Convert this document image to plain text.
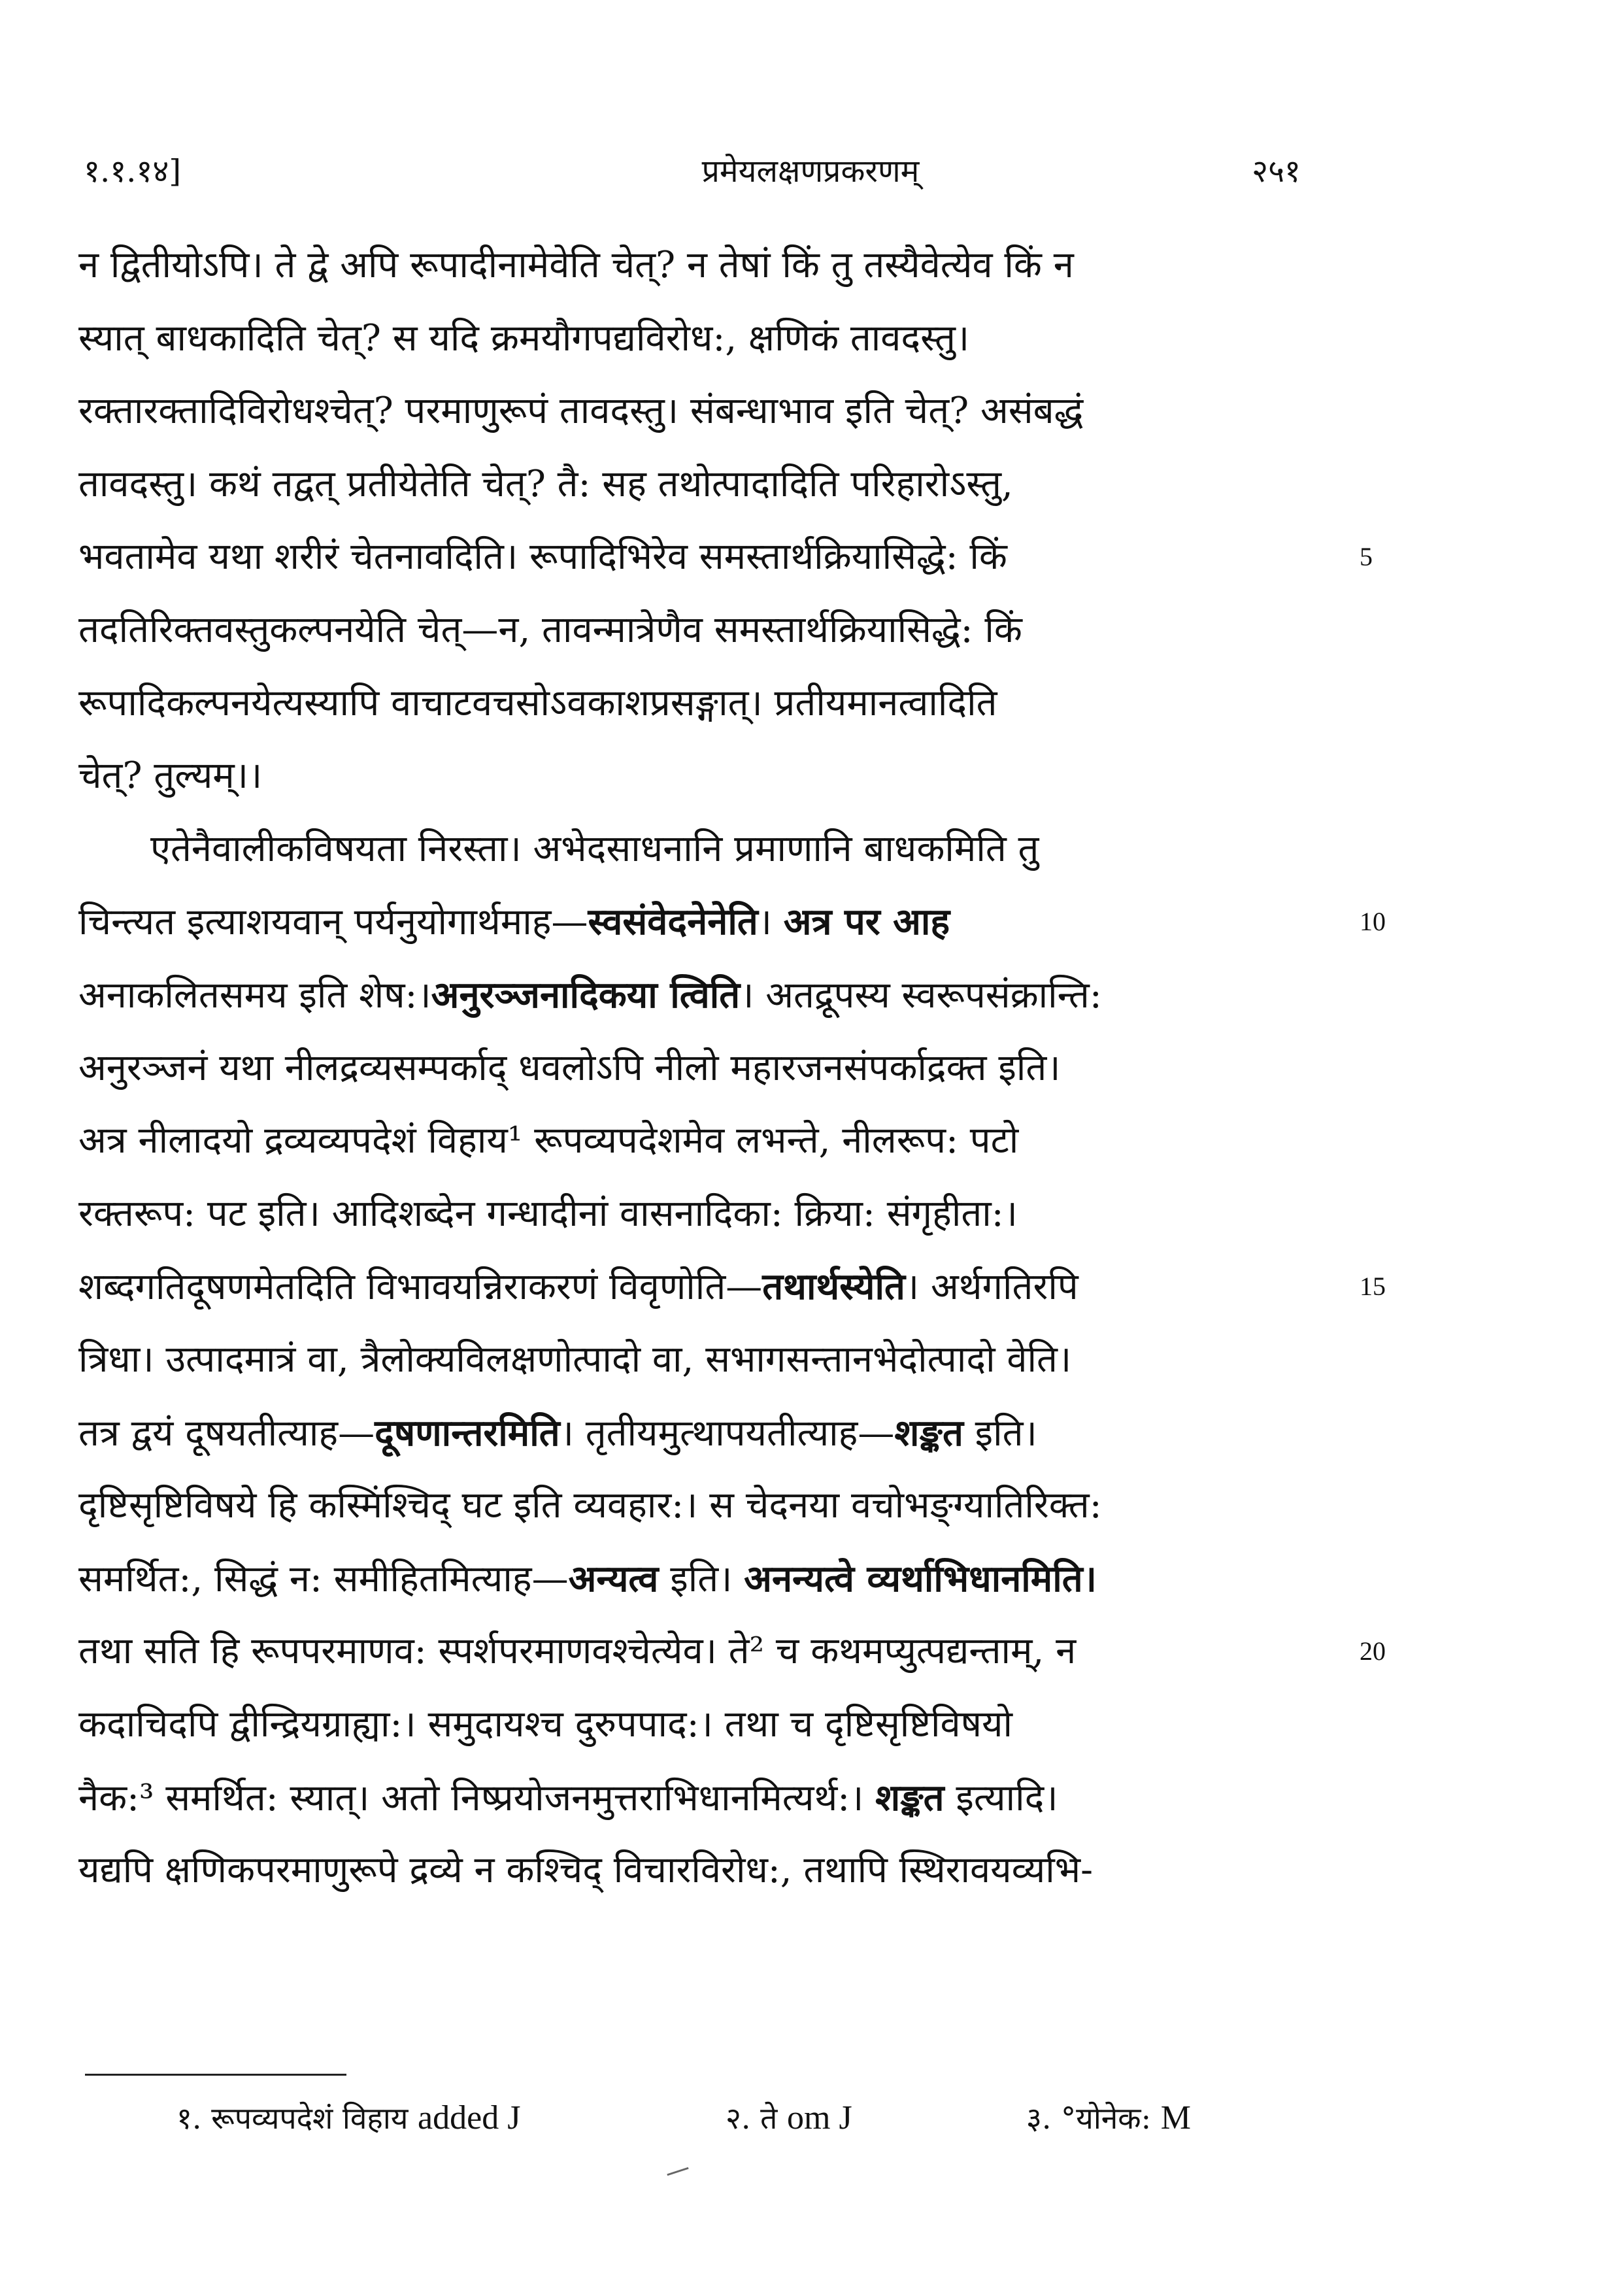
१.१.१४]	प्रमेयलक्षणप्रकरणम्	२५१
न द्वितीयोऽपि। ते द्वे अपि रूपादीनामेवेति चेत्? न तेषां किं तु तस्यैवेत्येव किं न
स्यात् बाधकादिति चेत्? स यदि क्रमयौगपद्यविरोध:, क्षणिकं तावदस्तु।
रक्तारक्तादिविरोधश्चेत्? परमाणुरूपं तावदस्तु। संबन्धाभाव इति चेत्? असंबद्धं
तावदस्तु। कथं तद्वत् प्रतीयेतेति चेत्? तै: सह तथोत्पादादिति परिहारोऽस्तु,
भवतामेव यथा शरीरं चेतनावदिति। रूपादिभिरेव समस्तार्थक्रियासिद्धे: किं
तदतिरिक्तवस्तुकल्पनयेति चेत्—न, तावन्मात्रेणैव समस्तार्थक्रियासिद्धे: किं
रूपादिकल्पनयेत्यस्यापि वाचाटवचसोऽवकाशप्रसङ्गात्। प्रतीयमानत्वादिति
चेत्? तुल्यम्।।
एतेनैवालीकविषयता निरस्ता। अभेदसाधनानि प्रमाणानि बाधकमिति तु
चिन्त्यत इत्याशयवान् पर्यनुयोगार्थमाह—स्वसंवेदनेनेति। अत्र पर आह
अनाकलितसमय इति शेष:।अनुरञ्जनादिकया त्विति। अतद्रूपस्य स्वरूपसंक्रान्ति:
अनुरञ्जनं यथा नीलद्रव्यसम्पर्काद् धवलोऽपि नीलो महारजनसंपर्काद्रक्त इति।
अत्र नीलादयो द्रव्यव्यपदेशं विहाय¹ रूपव्यपदेशमेव लभन्ते, नीलरूप: पटो
रक्तरूप: पट इति। आदिशब्देन गन्धादीनां वासनादिका: क्रिया: संगृहीता:।
शब्दगतिदूषणमेतदिति विभावयन्निराकरणं विवृणोति—तथार्थस्येति। अर्थगतिरपि
त्रिधा। उत्पादमात्रं वा, त्रैलोक्यविलक्षणोत्पादो वा, सभागसन्तानभेदोत्पादो वेति।
तत्र द्वयं दूषयतीत्याह—दूषणान्तरमिति। तृतीयमुत्थापयतीत्याह—शङ्कत इति।
दृष्टिसृष्टिविषये हि कस्मिंश्चिद् घट इति व्यवहार:। स चेदनया वचोभङ्ग्यातिरिक्त:
समर्थित:, सिद्धं न: समीहितमित्याह—अन्यत्व इति। अनन्यत्वे व्यर्थाभिधानमिति।
तथा सति हि रूपपरमाणव: स्पर्शपरमाणवश्चेत्येव। ते² च कथमप्युत्पद्यन्ताम्, न
कदाचिदपि द्वीन्द्रियग्राह्या:। समुदायश्च दुरुपपाद:। तथा च दृष्टिसृष्टिविषयो
नैक:³ समर्थित: स्यात्। अतो निष्प्रयोजनमुत्तराभिधानमित्यर्थ:। शङ्कत इत्यादि।
यद्यपि क्षणिकपरमाणुरूपे द्रव्ये न कश्चिद् विचारविरोध:, तथापि स्थिरावयव्यभि-
5
10
15
20
१. रूपव्यपदेशं विहाय added J	२. ते om J	३. °योनेक: M
